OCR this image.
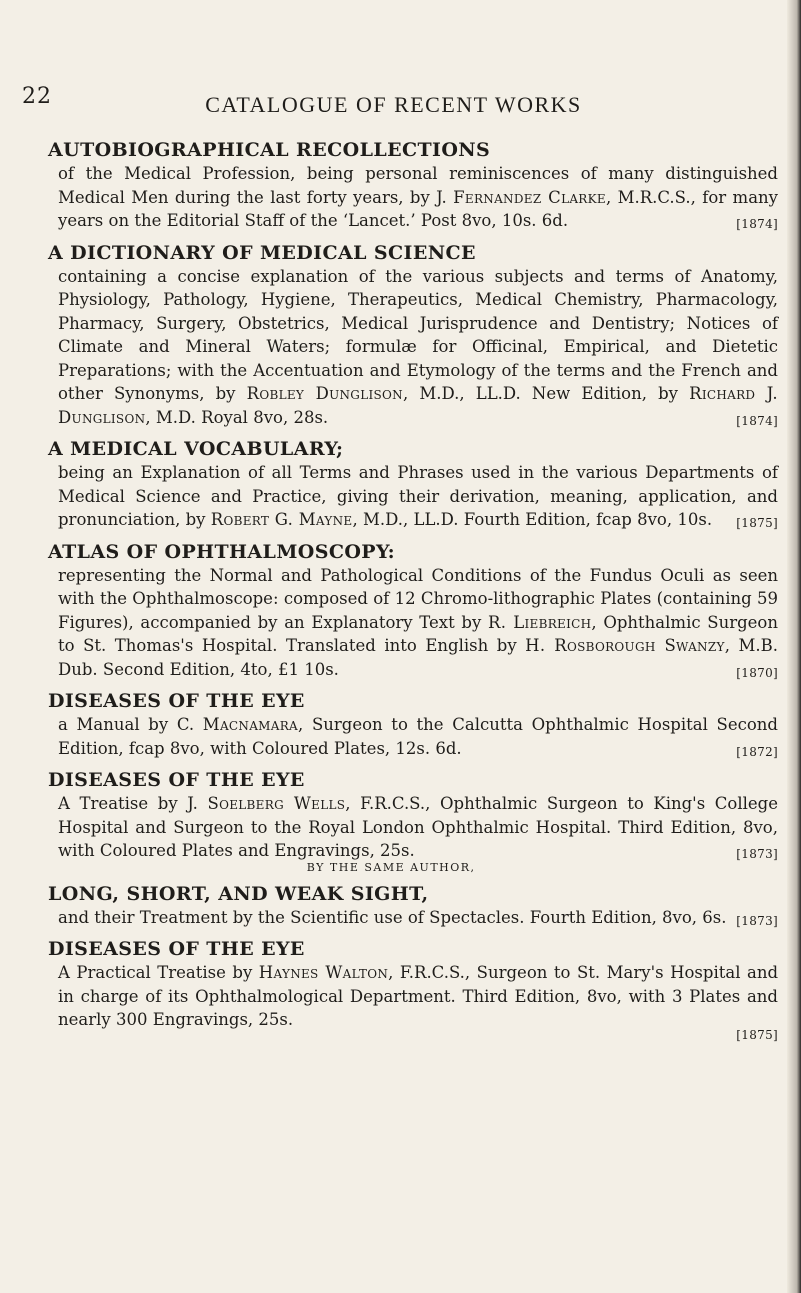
22	CATALOGUE OF RECENT WORKS
AUTOBIOGRAPHICAL RECOLLECTIONS
of the Medical Profession, being personal reminiscences of many distinguished Medical Men during the last forty years, by J. Fernandez Clarke, M.R.C.S., for many years on the Editorial Staff of the ‘Lancet.’ Post 8vo, 10s. 6d.	[1874]
A DICTIONARY OF MEDICAL SCIENCE
containing a concise explanation of the various subjects and terms of Anatomy, Physiology, Pathology, Hygiene, Therapeutics, Medical Chemistry, Pharmacology, Pharmacy, Surgery, Obstetrics, Medical Jurisprudence and Dentistry; Notices of Climate and Mineral Waters; formulæ for Officinal, Empirical, and Dietetic Preparations; with the Accentuation and Etymology of the terms and the French and other Synonyms, by Robley Dunglison, M.D., LL.D. New Edition, by Richard J. Dunglison, M.D. Royal 8vo, 28s.	[1874]
A MEDICAL VOCABULARY;
being an Explanation of all Terms and Phrases used in the various Departments of Medical Science and Practice, giving their derivation, meaning, application, and pronunciation, by Robert G. Mayne, M.D., LL.D. Fourth Edition, fcap 8vo, 10s. [1875]
ATLAS OF OPHTHALMOSCOPY:
representing the Normal and Pathological Conditions of the Fundus Oculi as seen with the Ophthalmoscope: composed of 12 Chromo-lithographic Plates (containing 59 Figures), accompanied by an Explanatory Text by R. Liebreich, Ophthalmic Surgeon to St. Thomas's Hospital. Translated into English by H. Rosborough Swanzy, M.B. Dub. Second Edition, 4to, £1 10s.	[1870]
DISEASES OF THE EYE
a Manual by C. Macnamara, Surgeon to the Calcutta Ophthalmic Hospital Second Edition, fcap 8vo, with Coloured Plates, 12s. 6d.	[1872]
DISEASES OF THE EYE
A Treatise by J. Soelberg Wells, F.R.C.S., Ophthalmic Surgeon to King's College Hospital and Surgeon to the Royal London Ophthalmic Hospital. Third Edition, 8vo, with Coloured Plates and Engravings, 25s.	[1873]
BY THE SAME AUTHOR,
LONG, SHORT, AND WEAK SIGHT,
and their Treatment by the Scientific use of Spectacles. Fourth Edition, 8vo, 6s. [1873]
DISEASES OF THE EYE
A Practical Treatise by Haynes Walton, F.R.C.S., Surgeon to St. Mary's Hospital and in charge of its Ophthalmological Department. Third Edition, 8vo, with 3 Plates and nearly 300 Engravings, 25s.
[1875]
